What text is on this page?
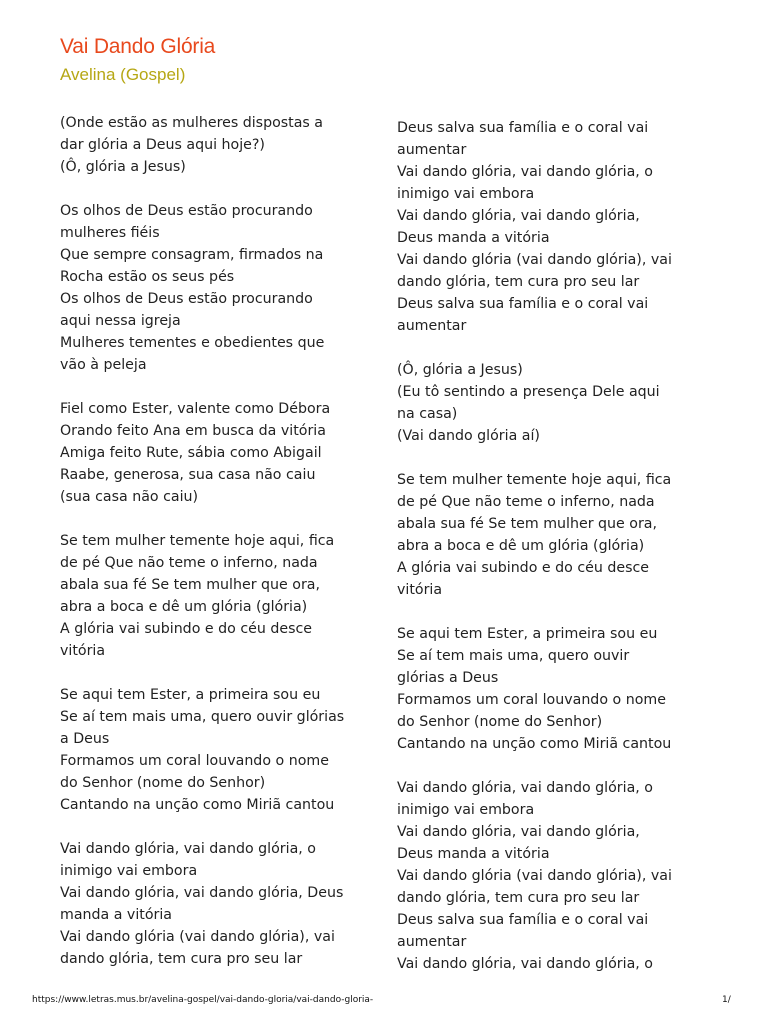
Vai Dando Glória
Avelina (Gospel)
(Onde estão as mulheres dispostas a
dar glória a Deus aqui hoje?)
(Ô, glória a Jesus)
Os olhos de Deus estão procurando
mulheres fiéis
Que sempre consagram, firmados na
Rocha estão os seus pés
Os olhos de Deus estão procurando
aqui nessa igreja
Mulheres tementes e obedientes que
vão à peleja
Fiel como Ester, valente como Débora
Orando feito Ana em busca da vitória
Amiga feito Rute, sábia como Abigail
Raabe, generosa, sua casa não caiu
(sua casa não caiu)
Se tem mulher temente hoje aqui, fica
de pé Que não teme o inferno, nada
abala sua fé Se tem mulher que ora,
abra a boca e dê um glória (glória)
A glória vai subindo e do céu desce
vitória
Se aqui tem Ester, a primeira sou eu
Se aí tem mais uma, quero ouvir glórias
a Deus
Formamos um coral louvando o nome
do Senhor (nome do Senhor)
Cantando na unção como Miriã cantou
Vai dando glória, vai dando glória, o
inimigo vai embora
Vai dando glória, vai dando glória, Deus
manda a vitória
Vai dando glória (vai dando glória), vai
dando glória, tem cura pro seu lar
Deus salva sua família e o coral vai
aumentar
Vai dando glória, vai dando glória, o
inimigo vai embora
Vai dando glória, vai dando glória,
Deus manda a vitória
Vai dando glória (vai dando glória), vai
dando glória, tem cura pro seu lar
Deus salva sua família e o coral vai
aumentar
(Ô, glória a Jesus)
(Eu tô sentindo a presença Dele aqui
na casa)
(Vai dando glória aí)
Se tem mulher temente hoje aqui, fica
de pé Que não teme o inferno, nada
abala sua fé Se tem mulher que ora,
abra a boca e dê um glória (glória)
A glória vai subindo e do céu desce
vitória
Se aqui tem Ester, a primeira sou eu
Se aí tem mais uma, quero ouvir
glórias a Deus
Formamos um coral louvando o nome
do Senhor (nome do Senhor)
Cantando na unção como Miriã cantou
Vai dando glória, vai dando glória, o
inimigo vai embora
Vai dando glória, vai dando glória,
Deus manda a vitória
Vai dando glória (vai dando glória), vai
dando glória, tem cura pro seu lar
Deus salva sua família e o coral vai
aumentar
Vai dando glória, vai dando glória, o
https://www.letras.mus.br/avelina-gospel/vai-dando-gloria/vai-dando-gloria-	1/
